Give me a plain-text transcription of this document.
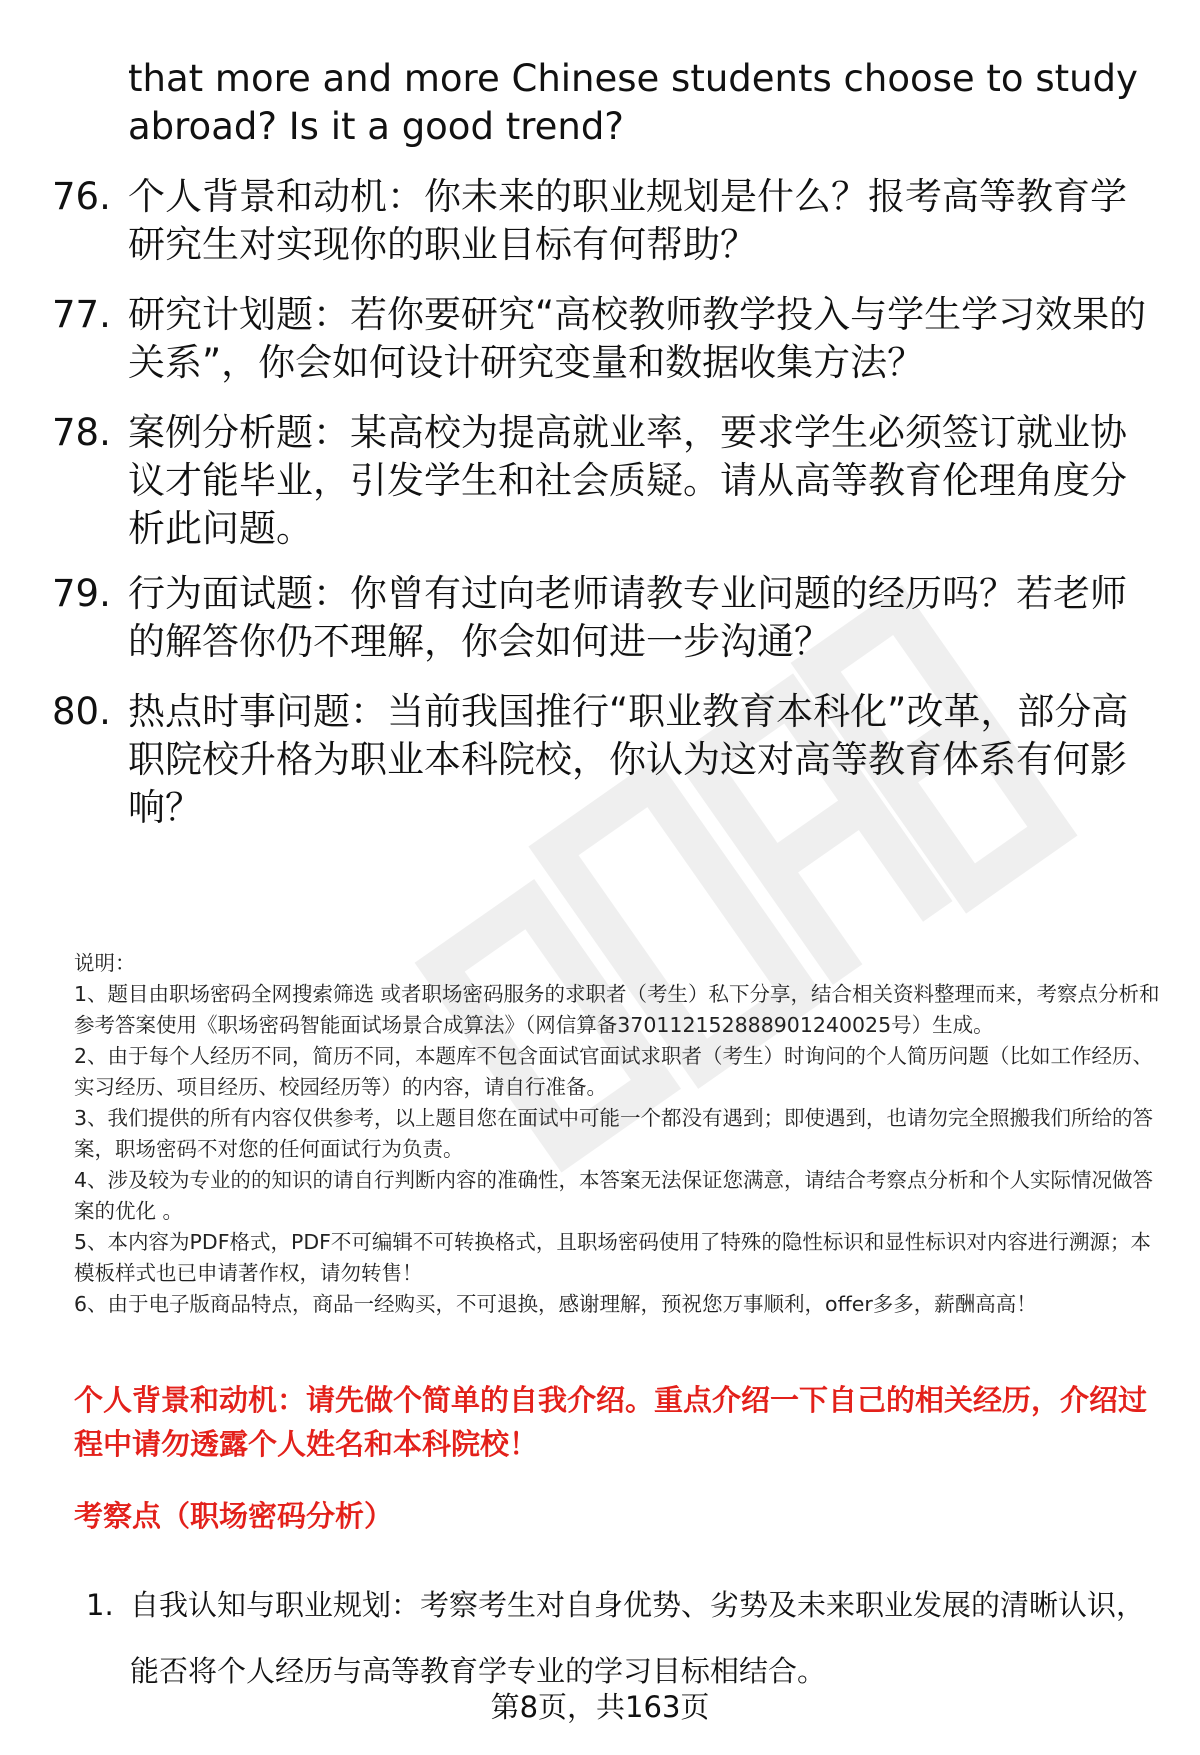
that more and more Chinese students choose to study abroad? Is it a good trend?
76. 个人背景和动机：你未来的职业规划是什么？报考高等教育学研究生对实现你的职业目标有何帮助？
77. 研究计划题：若你要研究“高校教师教学投入与学生学习效果的关系”，你会如何设计研究变量和数据收集方法？
78. 案例分析题：某高校为提高就业率，要求学生必须签订就业协议才能毕业，引发学生和社会质疑。请从高等教育伦理角度分析此问题。
79. 行为面试题：你曾有过向老师请教专业问题的经历吗？若老师的解答你仍不理解，你会如何进一步沟通？
80. 热点时事问题：当前我国推行“职业教育本科化”改革，部分高职院校升格为职业本科院校，你认为这对高等教育体系有何影响？

说明：

1、题目由职场密码全网搜索筛选 或者职场密码服务的求职者（考生）私下分享，结合相关资料整理而来，考察点分析和参考答案使用《职场密码智能面试场景合成算法》（网信算备370112152888901240025号）生成。

2、由于每个人经历不同，简历不同，本题库不包含面试官面试求职者（考生）时询问的个人简历问题（比如工作经历、实习经历、项目经历、校园经历等）的内容，请自行准备。

3、我们提供的所有内容仅供参考，以上题目您在面试中可能一个都没有遇到；即使遇到，也请勿完全照搬我们所给的答案，职场密码不对您的任何面试行为负责。

4、涉及较为专业的的知识的请自行判断内容的准确性，本答案无法保证您满意，请结合考察点分析和个人实际情况做答案的优化 。

5、本内容为PDF格式，PDF不可编辑不可转换格式，且职场密码使用了特殊的隐性标识和显性标识对内容进行溯源；本模板样式也已申请著作权，请勿转售！

6、由于电子版商品特点，商品一经购买，不可退换，感谢理解，预祝您万事顺利，offer多多，薪酬高高！

个人背景和动机：请先做个简单的自我介绍。重点介绍一下自己的相关经历，介绍过程中请勿透露个人姓名和本科院校！
考察点（职场密码分析）
1. 自我认知与职业规划：考察考生对自身优势、劣势及未来职业发展的清晰认识，能否将个人经历与高等教育学专业的学习目标相结合。
第8页，共163页
